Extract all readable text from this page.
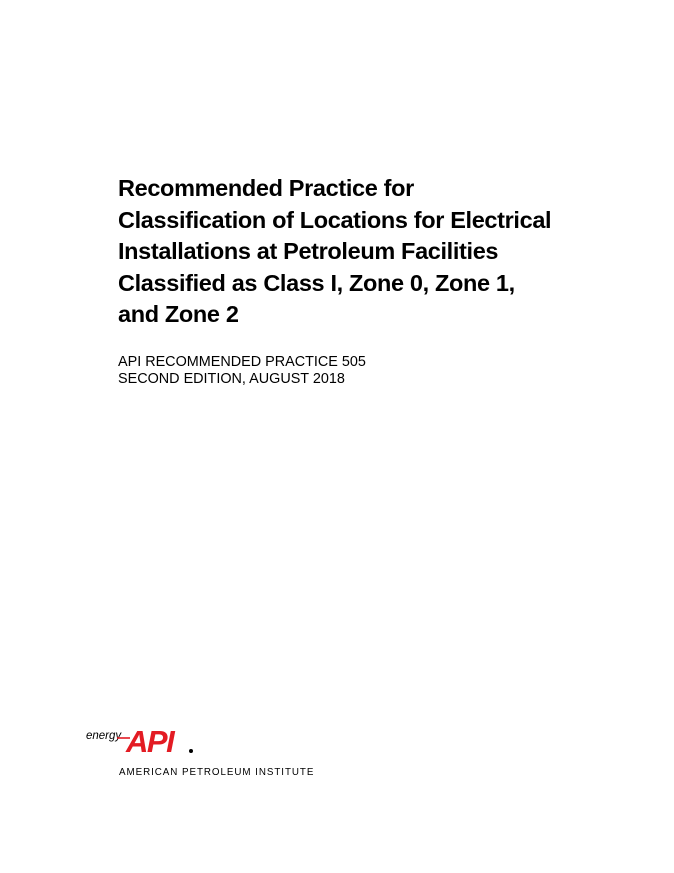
Recommended Practice for
Classification of Locations for Electrical
Installations at Petroleum Facilities
Classified as Class I, Zone 0, Zone 1,
and Zone 2
API RECOMMENDED PRACTICE 505
SECOND EDITION, AUGUST 2018
energy API
AMERICAN PETROLEUM INSTITUTE
